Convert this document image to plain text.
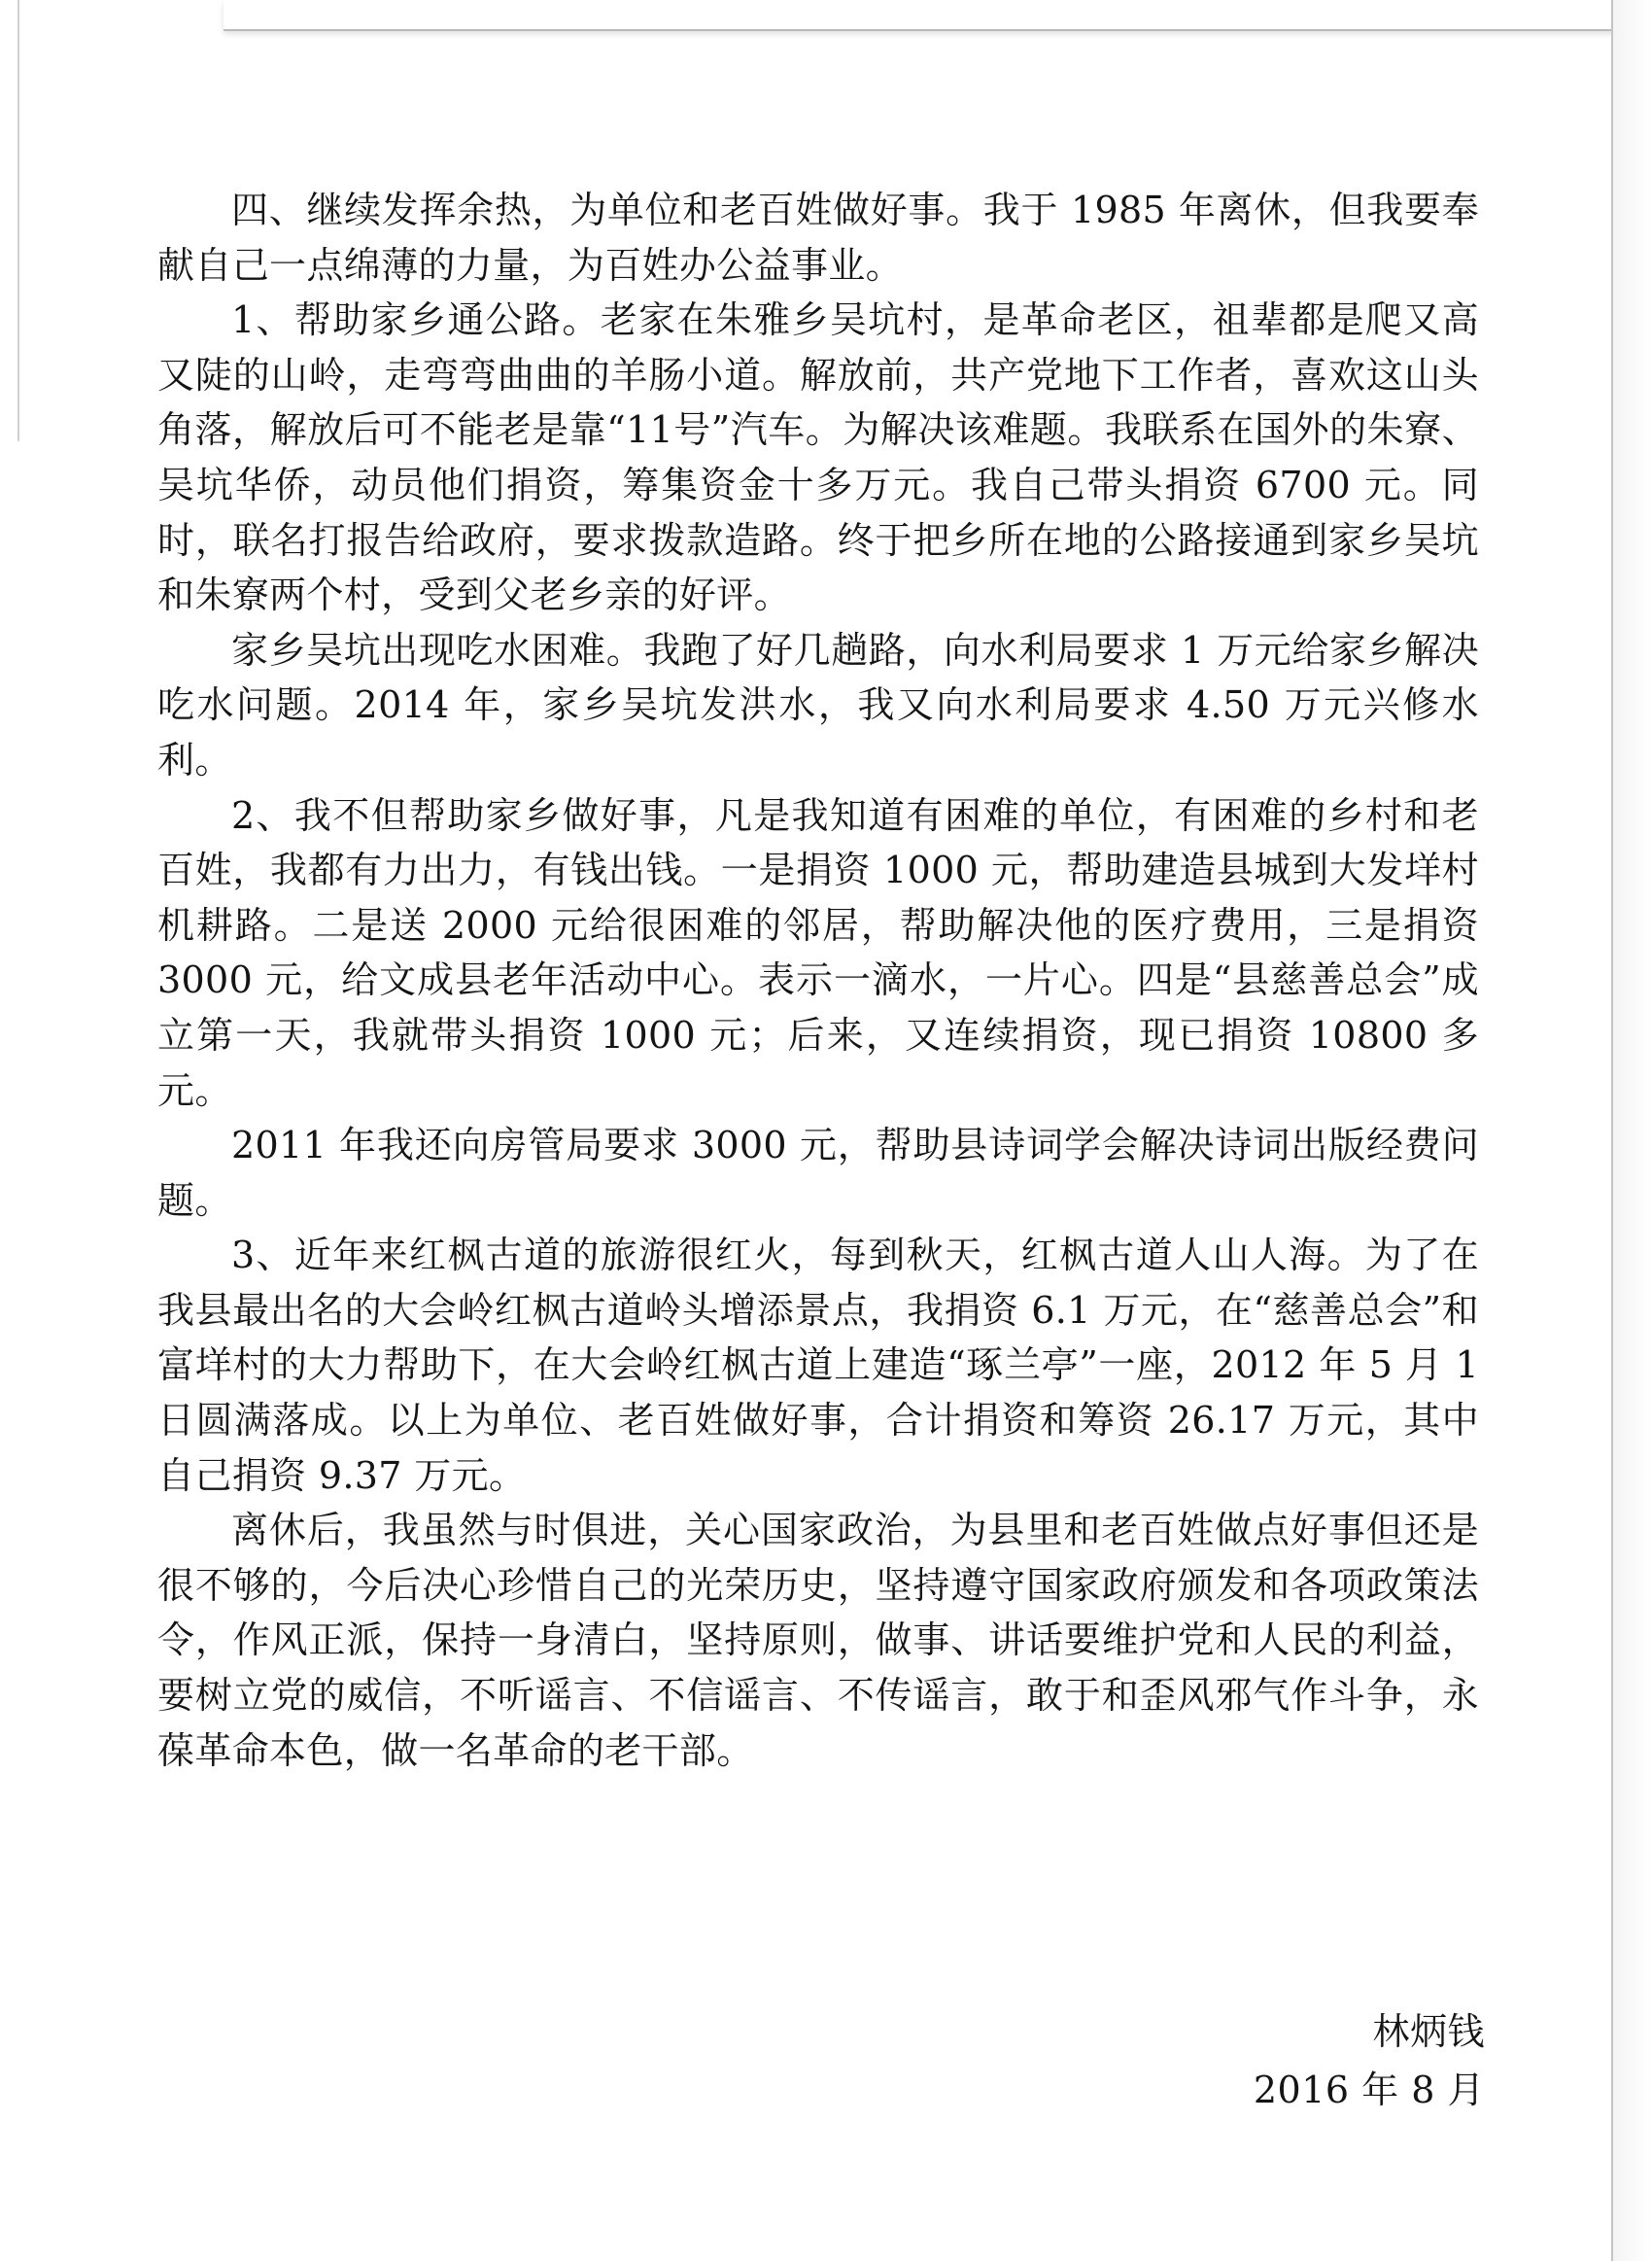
四、继续发挥余热，为单位和老百姓做好事。我于 1985 年离休，但我要奉献自己一点绵薄的力量，为百姓办公益事业。

1、帮助家乡通公路。老家在朱雅乡吴坑村，是革命老区，祖辈都是爬又高又陡的山岭，走弯弯曲曲的羊肠小道。解放前，共产党地下工作者，喜欢这山头角落，解放后可不能老是靠“11号”汽车。为解决该难题。我联系在国外的朱寮、吴坑华侨，动员他们捐资，筹集资金十多万元。我自己带头捐资 6700 元。同时，联名打报告给政府，要求拨款造路。终于把乡所在地的公路接通到家乡吴坑和朱寮两个村，受到父老乡亲的好评。

家乡吴坑出现吃水困难。我跑了好几趟路，向水利局要求 1 万元给家乡解决吃水问题。2014 年，家乡吴坑发洪水，我又向水利局要求 4.50 万元兴修水利。

2、我不但帮助家乡做好事，凡是我知道有困难的单位，有困难的乡村和老百姓，我都有力出力，有钱出钱。一是捐资 1000 元，帮助建造县城到大发垟村机耕路。二是送 2000 元给很困难的邻居，帮助解决他的医疗费用，三是捐资 3000 元，给文成县老年活动中心。表示一滴水，一片心。四是“县慈善总会”成立第一天，我就带头捐资 1000 元；后来，又连续捐资，现已捐资 10800 多元。

2011 年我还向房管局要求 3000 元，帮助县诗词学会解决诗词出版经费问题。

3、近年来红枫古道的旅游很红火，每到秋天，红枫古道人山人海。为了在我县最出名的大会岭红枫古道岭头增添景点，我捐资 6.1 万元，在“慈善总会”和富垟村的大力帮助下，在大会岭红枫古道上建造“琢兰亭”一座，2012 年 5 月 1 日圆满落成。以上为单位、老百姓做好事，合计捐资和筹资 26.17 万元，其中自己捐资 9.37 万元。

离休后，我虽然与时俱进，关心国家政治，为县里和老百姓做点好事但还是很不够的，今后决心珍惜自己的光荣历史，坚持遵守国家政府颁发和各项政策法令，作风正派，保持一身清白，坚持原则，做事、讲话要维护党和人民的利益，要树立党的威信，不听谣言、不信谣言、不传谣言，敢于和歪风邪气作斗争，永葆革命本色，做一名革命的老干部。

林炳钱
2016 年 8 月
